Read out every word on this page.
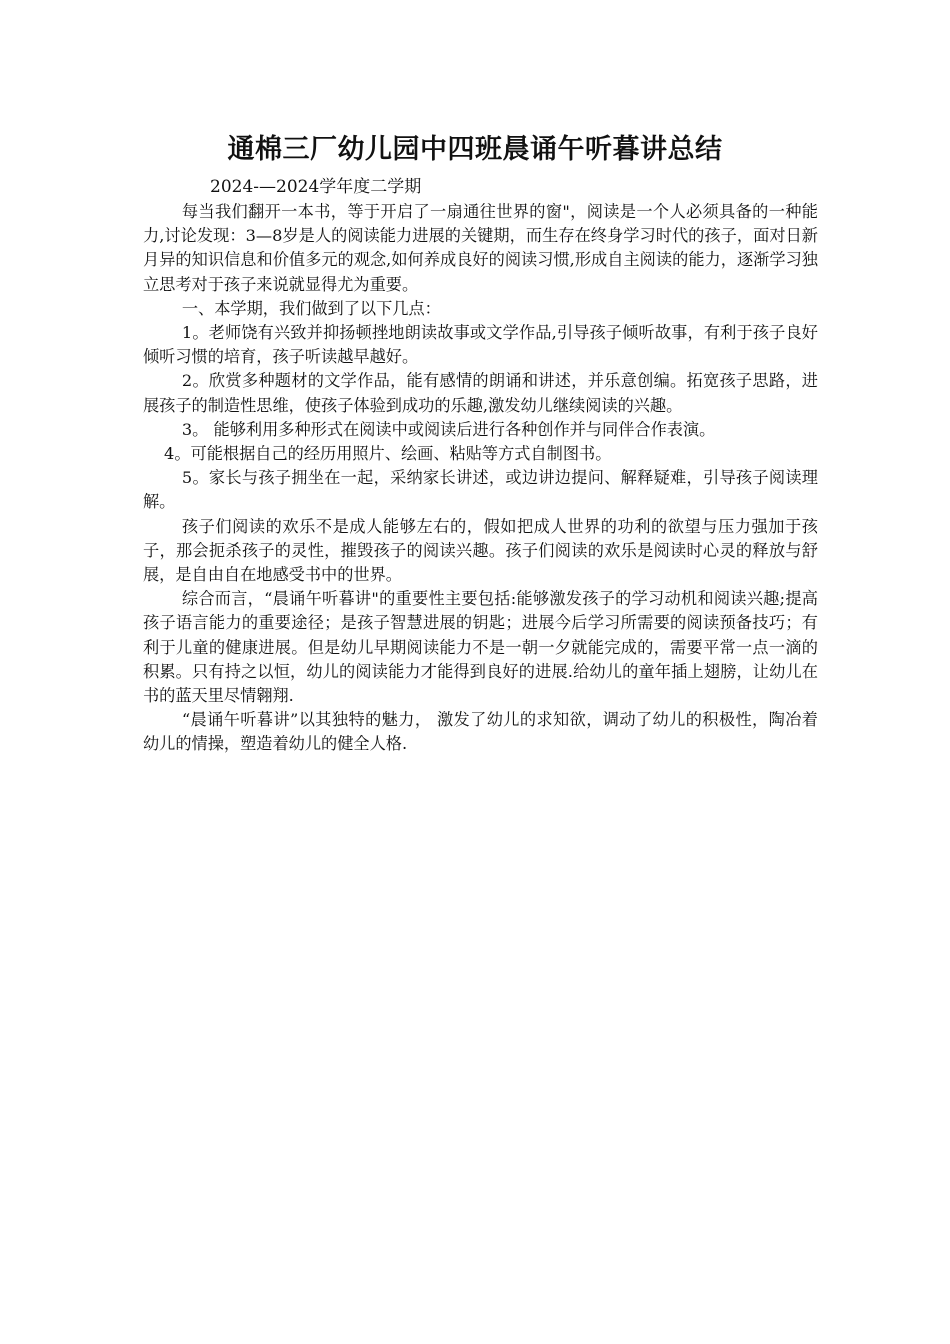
通棉三厂幼儿园中四班晨诵午听暮讲总结
2024-—2024学年度二学期

每当我们翻开一本书，等于开启了一扇通往世界的窗"，阅读是一个人必须具备的一种能力,讨论发现：3—8岁是人的阅读能力进展的关键期，而生存在终身学习时代的孩子，面对日新月异的知识信息和价值多元的观念,如何养成良好的阅读习惯,形成自主阅读的能力，逐渐学习独立思考对于孩子来说就显得尤为重要。

一、本学期，我们做到了以下几点：

1。老师饶有兴致并抑扬顿挫地朗读故事或文学作品,引导孩子倾听故事，有利于孩子良好倾听习惯的培育，孩子听读越早越好。

2。欣赏多种题材的文学作品，能有感情的朗诵和讲述，并乐意创编。拓宽孩子思路，进展孩子的制造性思维，使孩子体验到成功的乐趣,激发幼儿继续阅读的兴趣。

3。 能够利用多种形式在阅读中或阅读后进行各种创作并与同伴合作表演。

4。可能根据自己的经历用照片、绘画、粘贴等方式自制图书。

5。家长与孩子拥坐在一起，采纳家长讲述，或边讲边提问、解释疑难，引导孩子阅读理解。

孩子们阅读的欢乐不是成人能够左右的，假如把成人世界的功利的欲望与压力强加于孩子，那会扼杀孩子的灵性，摧毁孩子的阅读兴趣。孩子们阅读的欢乐是阅读时心灵的释放与舒展，是自由自在地感受书中的世界。

综合而言，“晨诵午听暮讲"的重要性主要包括:能够激发孩子的学习动机和阅读兴趣;提高孩子语言能力的重要途径；是孩子智慧进展的钥匙；进展今后学习所需要的阅读预备技巧；有利于儿童的健康进展。但是幼儿早期阅读能力不是一朝一夕就能完成的，需要平常一点一滴的积累。只有持之以恒，幼儿的阅读能力才能得到良好的进展.给幼儿的童年插上翅膀，让幼儿在书的蓝天里尽情翱翔.

“晨诵午听暮讲”以其独特的魅力， 激发了幼儿的求知欲，调动了幼儿的积极性，陶冶着幼儿的情操，塑造着幼儿的健全人格.
